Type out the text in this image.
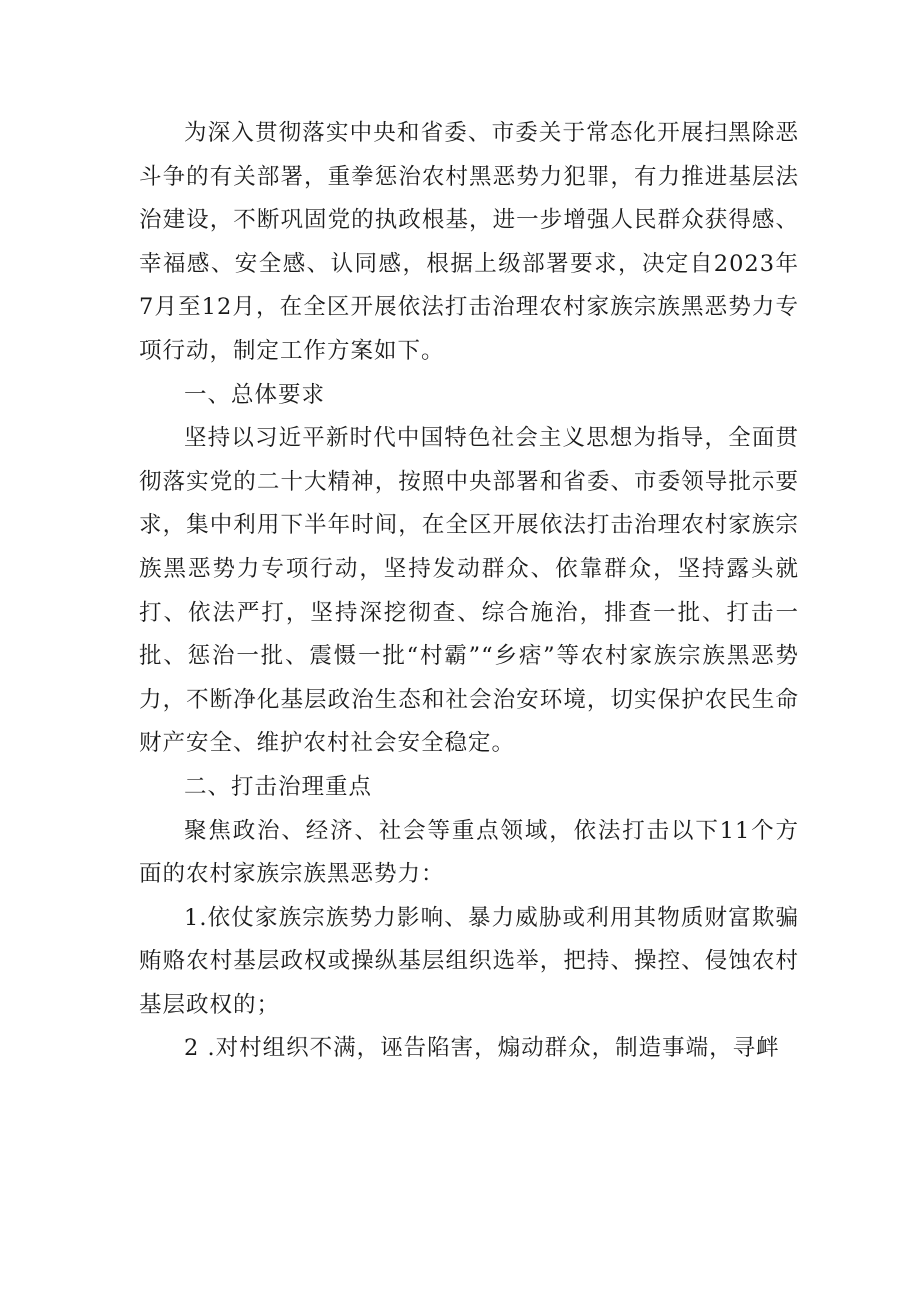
为深入贯彻落实中央和省委、市委关于常态化开展扫黑除恶斗争的有关部署，重拳惩治农村黑恶势力犯罪，有力推进基层法治建设，不断巩固党的执政根基，进一步增强人民群众获得感、幸福感、安全感、认同感，根据上级部署要求，决定自2023年7月至12月，在全区开展依法打击治理农村家族宗族黑恶势力专项行动，制定工作方案如下。

一、总体要求

坚持以习近平新时代中国特色社会主义思想为指导，全面贯彻落实党的二十大精神，按照中央部署和省委、市委领导批示要求，集中利用下半年时间，在全区开展依法打击治理农村家族宗族黑恶势力专项行动，坚持发动群众、依靠群众，坚持露头就打、依法严打，坚持深挖彻查、综合施治，排查一批、打击一批、惩治一批、震慑一批“村霸”“乡痞”等农村家族宗族黑恶势力，不断净化基层政治生态和社会治安环境，切实保护农民生命财产安全、维护农村社会安全稳定。

二、打击治理重点

聚焦政治、经济、社会等重点领域，依法打击以下11个方面的农村家族宗族黑恶势力：

1.依仗家族宗族势力影响、暴力威胁或利用其物质财富欺骗贿赂农村基层政权或操纵基层组织选举，把持、操控、侵蚀农村基层政权的；

2 .对村组织不满，诬告陷害，煽动群众，制造事端，寻衅
